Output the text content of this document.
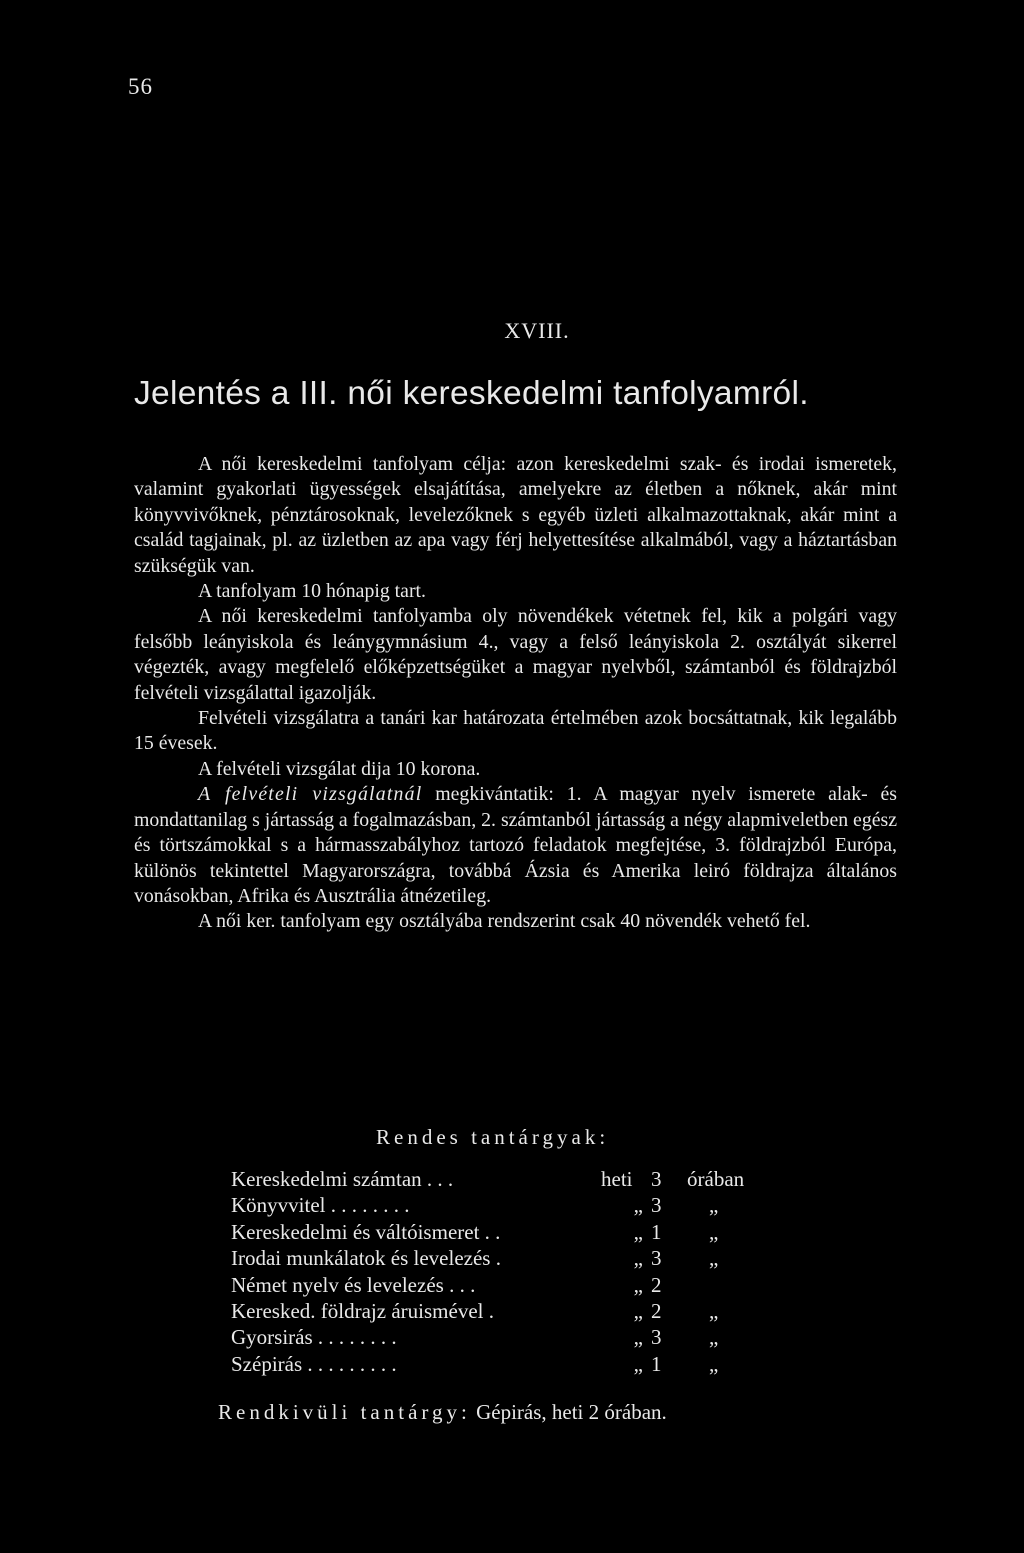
56
XVIII.
Jelentés a III. női kereskedelmi tanfolyamról.

A női kereskedelmi tanfolyam célja: azon kereskedelmi szak- és irodai ismeretek, valamint gyakorlati ügyességek elsajátítása, amelyekre az életben a nőknek, akár mint könyvvivőknek, pénztárosoknak, levelezőknek s egyéb üzleti alkalmazottaknak, akár mint a család tagjainak, pl. az üzletben az apa vagy férj helyettesítése alkalmából, vagy a háztartásban szükségük van.

A tanfolyam 10 hónapig tart.

A női kereskedelmi tanfolyamba oly növendékek vétetnek fel, kik a polgári vagy felsőbb leányiskola és leánygymnásium 4., vagy a felső leányiskola 2. osztályát sikerrel végezték, avagy megfelelő előképzettségüket a magyar nyelvből, számtanból és földrajzból felvételi vizsgálattal igazolják.

Felvételi vizsgálatra a tanári kar határozata értelmében azok bocsáttatnak, kik legalább 15 évesek.

A felvételi vizsgálat dija 10 korona.

A felvételi vizsgálatnál megkivántatik: 1. A magyar nyelv ismerete alak- és mondattanilag s jártasság a fogalmazásban, 2. számtanból jártasság a négy alapmiveletben egész és törtszámokkal s a hármasszabályhoz tartozó feladatok megfejtése, 3. földrajzból Európa, különös tekintettel Magyarországra, továbbá Ázsia és Amerika leiró földrajza általános vonásokban, Afrika és Ausztrália átnézetileg.

A női ker. tanfolyam egy osztályába rendszerint csak 40 növendék vehető fel.

Rendes tantárgyak:
Kereskedelmi számtan . . .	heti 3	órában
Könyvvitel . . . . . . . .	„ 3	„
Kereskedelmi és váltóismeret . .	„ 1	„
Irodai munkálatok és levelezés .	„ 3	„
Német nyelv és levelezés . . .	„ 2
Keresked. földrajz áruismével .	„ 2	„
Gyorsirás . . . . . . . .	„ 3	„
Szépirás . . . . . . . . .	„ 1	„
Rendkivüli tantárgy: Gépirás, heti 2 órában.
